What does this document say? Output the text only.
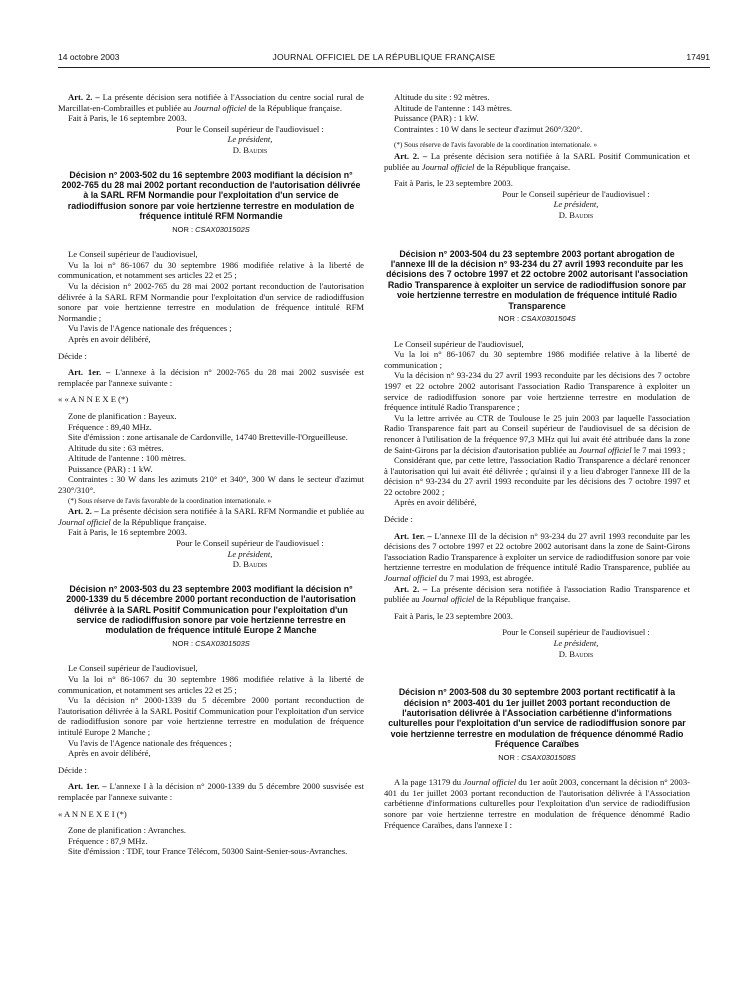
14 octobre 2003	JOURNAL OFFICIEL DE LA RÉPUBLIQUE FRANÇAISE	17491

Art. 2. – La présente décision sera notifiée à l'Association du centre social rural de Marcillat-en-Combrailles et publiée au Journal officiel de la République française.

Fait à Paris, le 16 septembre 2003.

Pour le Conseil supérieur de l'audiovisuel :
Le président,
D. Baudis
Décision n° 2003-502 du 16 septembre 2003 modifiant la décision n° 2002-765 du 28 mai 2002 portant reconduction de l'autorisation délivrée à la SARL RFM Normandie pour l'exploitation d'un service de radiodiffusion sonore par voie hertzienne terrestre en modulation de fréquence intitulé RFM Normandie
NOR : CSAX0301502S

Le Conseil supérieur de l'audiovisuel,

Vu la loi n° 86-1067 du 30 septembre 1986 modifiée relative à la liberté de communication, et notamment ses articles 22 et 25 ;

Vu la décision n° 2002-765 du 28 mai 2002 portant reconduction de l'autorisation délivrée à la SARL RFM Normandie pour l'exploitation d'un service de radiodiffusion sonore par voie hertzienne terrestre en modulation de fréquence intitulé RFM Normandie ;

Vu l'avis de l'Agence nationale des fréquences ;

Après en avoir délibéré,

Décide :

Art. 1er. – L'annexe à la décision n° 2002-765 du 28 mai 2002 susvisée est remplacée par l'annexe suivante :

« « A N N E X E (*)

Zone de planification : Bayeux.

Fréquence : 89,40 MHz.

Site d'émission : zone artisanale de Cardonville, 14740 Bretteville-l'Orgueilleuse.

Altitude du site : 63 mètres.

Altitude de l'antenne : 100 mètres.

Puissance (PAR) : 1 kW.

Contraintes : 30 W dans les azimuts 210° et 340°, 300 W dans le secteur d'azimut 230°/310°.

(*) Sous réserve de l'avis favorable de la coordination internationale. »

Art. 2. – La présente décision sera notifiée à la SARL RFM Normandie et publiée au Journal officiel de la République française.

Fait à Paris, le 16 septembre 2003.

Pour le Conseil supérieur de l'audiovisuel :
Le président,
D. Baudis
Décision n° 2003-503 du 23 septembre 2003 modifiant la décision n° 2000-1339 du 5 décembre 2000 portant reconduction de l'autorisation délivrée à la SARL Positif Communication pour l'exploitation d'un service de radiodiffusion sonore par voie hertzienne terrestre en modulation de fréquence intitulé Europe 2 Manche
NOR : CSAX0301503S

Le Conseil supérieur de l'audiovisuel,

Vu la loi n° 86-1067 du 30 septembre 1986 modifiée relative à la liberté de communication, et notamment ses articles 22 et 25 ;

Vu la décision n° 2000-1339 du 5 décembre 2000 portant reconduction de l'autorisation délivrée à la SARL Positif Communication pour l'exploitation d'un service de radiodiffusion sonore par voie hertzienne terrestre en modulation de fréquence intitulé Europe 2 Manche ;

Vu l'avis de l'Agence nationale des fréquences ;

Après en avoir délibéré,

Décide :

Art. 1er. – L'annexe I à la décision n° 2000-1339 du 5 décembre 2000 susvisée est remplacée par l'annexe suivante :

« A N N E X E I (*)

Zone de planification : Avranches.

Fréquence : 87,9 MHz.

Site d'émission : TDF, tour France Télécom, 50300 Saint-Senier-sous-Avranches.

Altitude du site : 92 mètres.

Altitude de l'antenne : 143 mètres.

Puissance (PAR) : 1 kW.

Contraintes : 10 W dans le secteur d'azimut 260°/320°.

(*) Sous réserve de l'avis favorable de la coordination internationale. »

Art. 2. – La présente décision sera notifiée à la SARL Positif Communication et publiée au Journal officiel de la République française.

Fait à Paris, le 23 septembre 2003.

Pour le Conseil supérieur de l'audiovisuel :
Le président,
D. Baudis
Décision n° 2003-504 du 23 septembre 2003 portant abrogation de l'annexe III de la décision n° 93-234 du 27 avril 1993 reconduite par les décisions des 7 octobre 1997 et 22 octobre 2002 autorisant l'association Radio Transparence à exploiter un service de radiodiffusion sonore par voie hertzienne terrestre en modulation de fréquence intitulé Radio Transparence
NOR : CSAX0301504S

Le Conseil supérieur de l'audiovisuel,

Vu la loi n° 86-1067 du 30 septembre 1986 modifiée relative à la liberté de communication ;

Vu la décision n° 93-234 du 27 avril 1993 reconduite par les décisions des 7 octobre 1997 et 22 octobre 2002 autorisant l'association Radio Transparence à exploiter un service de radiodiffusion sonore par voie hertzienne terrestre en modulation de fréquence intitulé Radio Transparence ;

Vu la lettre arrivée au CTR de Toulouse le 25 juin 2003 par laquelle l'association Radio Transparence fait part au Conseil supérieur de l'audiovisuel de sa décision de renoncer à l'utilisation de la fréquence 97,3 MHz qui lui avait été attribuée dans la zone de Saint-Girons par la décision d'autorisation publiée au Journal officiel le 7 mai 1993 ;

Considérant que, par cette lettre, l'association Radio Transparence a déclaré renoncer à l'autorisation qui lui avait été délivrée ; qu'ainsi il y a lieu d'abroger l'annexe III de la décision n° 93-234 du 27 avril 1993 reconduite par les décisions des 7 octobre 1997 et 22 octobre 2002 ;

Après en avoir délibéré,

Décide :

Art. 1er. – L'annexe III de la décision n° 93-234 du 27 avril 1993 reconduite par les décisions des 7 octobre 1997 et 22 octobre 2002 autorisant dans la zone de Saint-Girons l'association Radio Transparence à exploiter un service de radiodiffusion sonore par voie hertzienne terrestre en modulation de fréquence intitulé Radio Transparence, publiée au Journal officiel du 7 mai 1993, est abrogée.

Art. 2. – La présente décision sera notifiée à l'association Radio Transparence et publiée au Journal officiel de la République française.

Fait à Paris, le 23 septembre 2003.

Pour le Conseil supérieur de l'audiovisuel :
Le président,
D. Baudis
Décision n° 2003-508 du 30 septembre 2003 portant rectificatif à la décision n° 2003-401 du 1er juillet 2003 portant reconduction de l'autorisation délivrée à l'Association carbétienne d'informations culturelles pour l'exploitation d'un service de radiodiffusion sonore par voie hertzienne terrestre en modulation de fréquence dénommé Radio Fréquence Caraïbes
NOR : CSAX0301508S

A la page 13179 du Journal officiel du 1er août 2003, concernant la décision n° 2003-401 du 1er juillet 2003 portant reconduction de l'autorisation délivrée à l'Association carbétienne d'informations culturelles pour l'exploitation d'un service de radiodiffusion sonore par voie hertzienne terrestre en modulation de fréquence dénommé Radio Fréquence Caraïbes, dans l'annexe I :
